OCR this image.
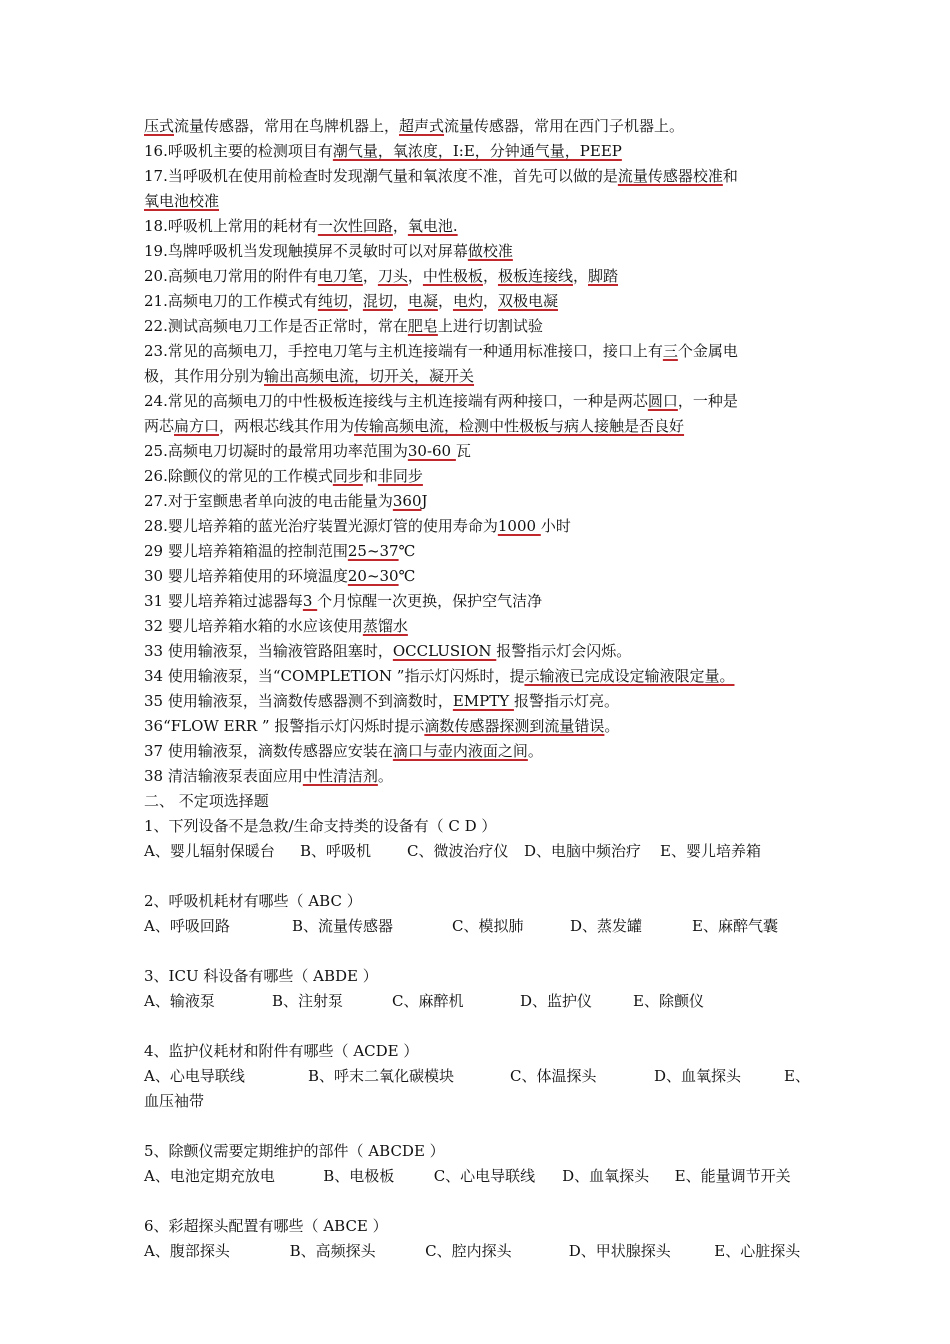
压式流量传感器，常用在鸟牌机器上，超声式流量传感器，常用在西门子机器上。
16.呼吸机主要的检测项目有潮气量，氧浓度，I:E，分钟通气量，PEEP
17.当呼吸机在使用前检查时发现潮气量和氧浓度不准，首先可以做的是流量传感器校准和
氧电池校准
18.呼吸机上常用的耗材有一次性回路，氧电池.
19.鸟牌呼吸机当发现触摸屏不灵敏时可以对屏幕做校准
20.高频电刀常用的附件有电刀笔，刀头，中性极板，极板连接线，脚踏
21.高频电刀的工作模式有纯切，混切，电凝，电灼，双极电凝
22.测试高频电刀工作是否正常时，常在肥皂上进行切割试验
23.常见的高频电刀，手控电刀笔与主机连接端有一种通用标准接口，接口上有三个金属电
极，其作用分别为输出高频电流，切开关，凝开关
24.常见的高频电刀的中性极板连接线与主机连接端有两种接口，一种是两芯圆口，一种是
两芯扁方口，两根芯线其作用为传输高频电流，检测中性极板与病人接触是否良好
25.高频电刀切凝时的最常用功率范围为30-60 瓦
26.除颤仪的常见的工作模式同步和非同步
27.对于室颤患者单向波的电击能量为360J
28.婴儿培养箱的蓝光治疗装置光源灯管的使用寿命为1000 小时
29 婴儿培养箱箱温的控制范围25~37℃
30 婴儿培养箱使用的环境温度20~30℃
31 婴儿培养箱过滤器每3 个月惊醒一次更换，保护空气洁净
32 婴儿培养箱水箱的水应该使用蒸馏水
33 使用输液泵，当输液管路阻塞时，OCCLUSION 报警指示灯会闪烁。
34 使用输液泵，当“COMPLETION ”指示灯闪烁时，提示输液已完成设定输液限定量。
35 使用输液泵，当滴数传感器测不到滴数时，EMPTY 报警指示灯亮。
36“FLOW ERR ” 报警指示灯闪烁时提示滴数传感器探测到流量错误。
37 使用输液泵，滴数传感器应安装在滴口与壶内液面之间。
38 清洁输液泵表面应用中性清洁剂。
二、 不定项选择题
1、下列设备不是急救/生命支持类的设备有（ C D ）
A、婴儿辐射保暖台	B、呼吸机	C、微波治疗仪	D、电脑中频治疗	E、婴儿培养箱
2、呼吸机耗材有哪些（ ABC ）
A、呼吸回路	B、流量传感器	C、模拟肺	D、蒸发罐	E、麻醉气囊
3、ICU 科设备有哪些（ ABDE ）
A、输液泵	B、注射泵	C、麻醉机	D、监护仪	E、除颤仪
4、监护仪耗材和附件有哪些（ ACDE ）
A、心电导联线	B、呼末二氧化碳模块	C、体温探头	D、血氧探头	E、
血压袖带
5、除颤仪需要定期维护的部件（ ABCDE ）
A、电池定期充放电	B、电极板	C、心电导联线	D、血氧探头	E、能量调节开关
6、彩超探头配置有哪些（ ABCE ）
A、腹部探头	B、高频探头	C、腔内探头	D、甲状腺探头	E、心脏探头
